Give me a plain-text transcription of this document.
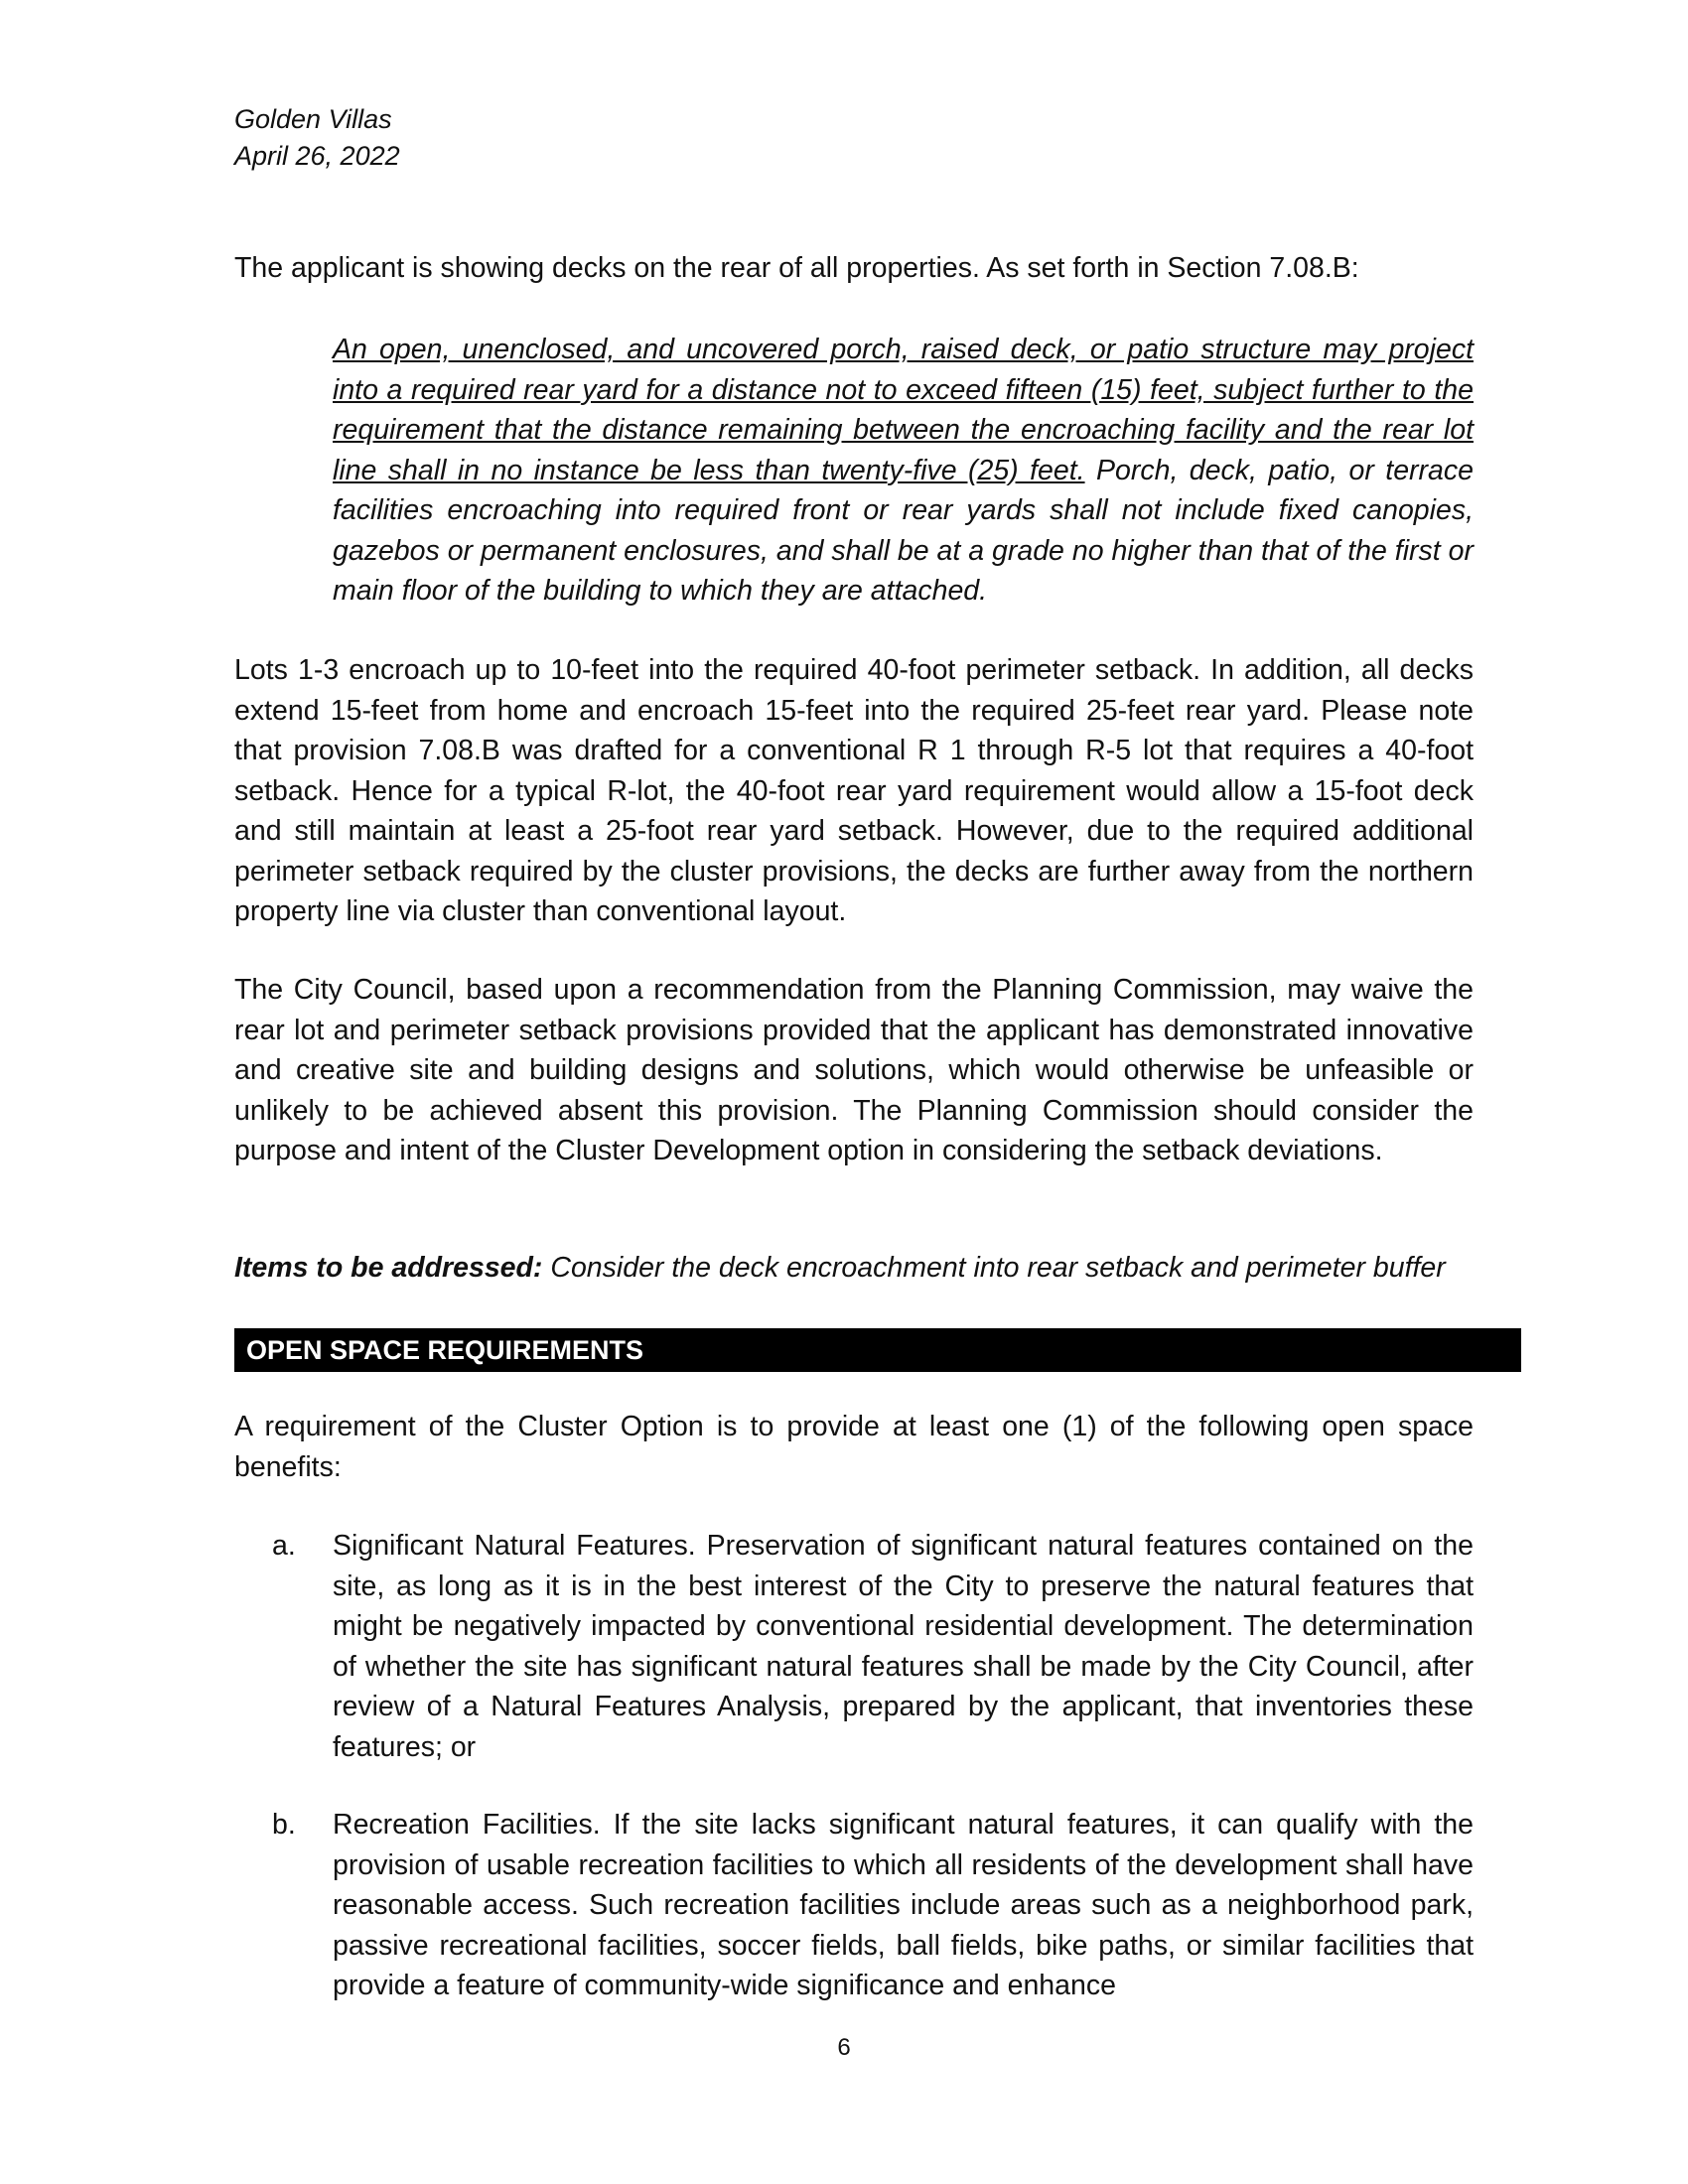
Golden Villas
April 26, 2022

The applicant is showing decks on the rear of all properties. As set forth in Section 7.08.B:

An open, unenclosed, and uncovered porch, raised deck, or patio structure may project into a required rear yard for a distance not to exceed fifteen (15) feet, subject further to the requirement that the distance remaining between the encroaching facility and the rear lot line shall in no instance be less than twenty-five (25) feet. Porch, deck, patio, or terrace facilities encroaching into required front or rear yards shall not include fixed canopies, gazebos or permanent enclosures, and shall be at a grade no higher than that of the first or main floor of the building to which they are attached.

Lots 1-3 encroach up to 10-feet into the required 40-foot perimeter setback. In addition, all decks extend 15-feet from home and encroach 15-feet into the required 25-feet rear yard. Please note that provision 7.08.B was drafted for a conventional R 1 through R-5 lot that requires a 40-foot setback. Hence for a typical R-lot, the 40-foot rear yard requirement would allow a 15-foot deck and still maintain at least a 25-foot rear yard setback. However, due to the required additional perimeter setback required by the cluster provisions, the decks are further away from the northern property line via cluster than conventional layout.

The City Council, based upon a recommendation from the Planning Commission, may waive the rear lot and perimeter setback provisions provided that the applicant has demonstrated innovative and creative site and building designs and solutions, which would otherwise be unfeasible or unlikely to be achieved absent this provision. The Planning Commission should consider the purpose and intent of the Cluster Development option in considering the setback deviations.

Items to be addressed: Consider the deck encroachment into rear setback and perimeter buffer
OPEN SPACE REQUIREMENTS

A requirement of the Cluster Option is to provide at least one (1) of the following open space benefits:

a. Significant Natural Features. Preservation of significant natural features contained on the site, as long as it is in the best interest of the City to preserve the natural features that might be negatively impacted by conventional residential development. The determination of whether the site has significant natural features shall be made by the City Council, after review of a Natural Features Analysis, prepared by the applicant, that inventories these features; or
b. Recreation Facilities. If the site lacks significant natural features, it can qualify with the provision of usable recreation facilities to which all residents of the development shall have reasonable access. Such recreation facilities include areas such as a neighborhood park, passive recreational facilities, soccer fields, ball fields, bike paths, or similar facilities that provide a feature of community-wide significance and enhance
6
